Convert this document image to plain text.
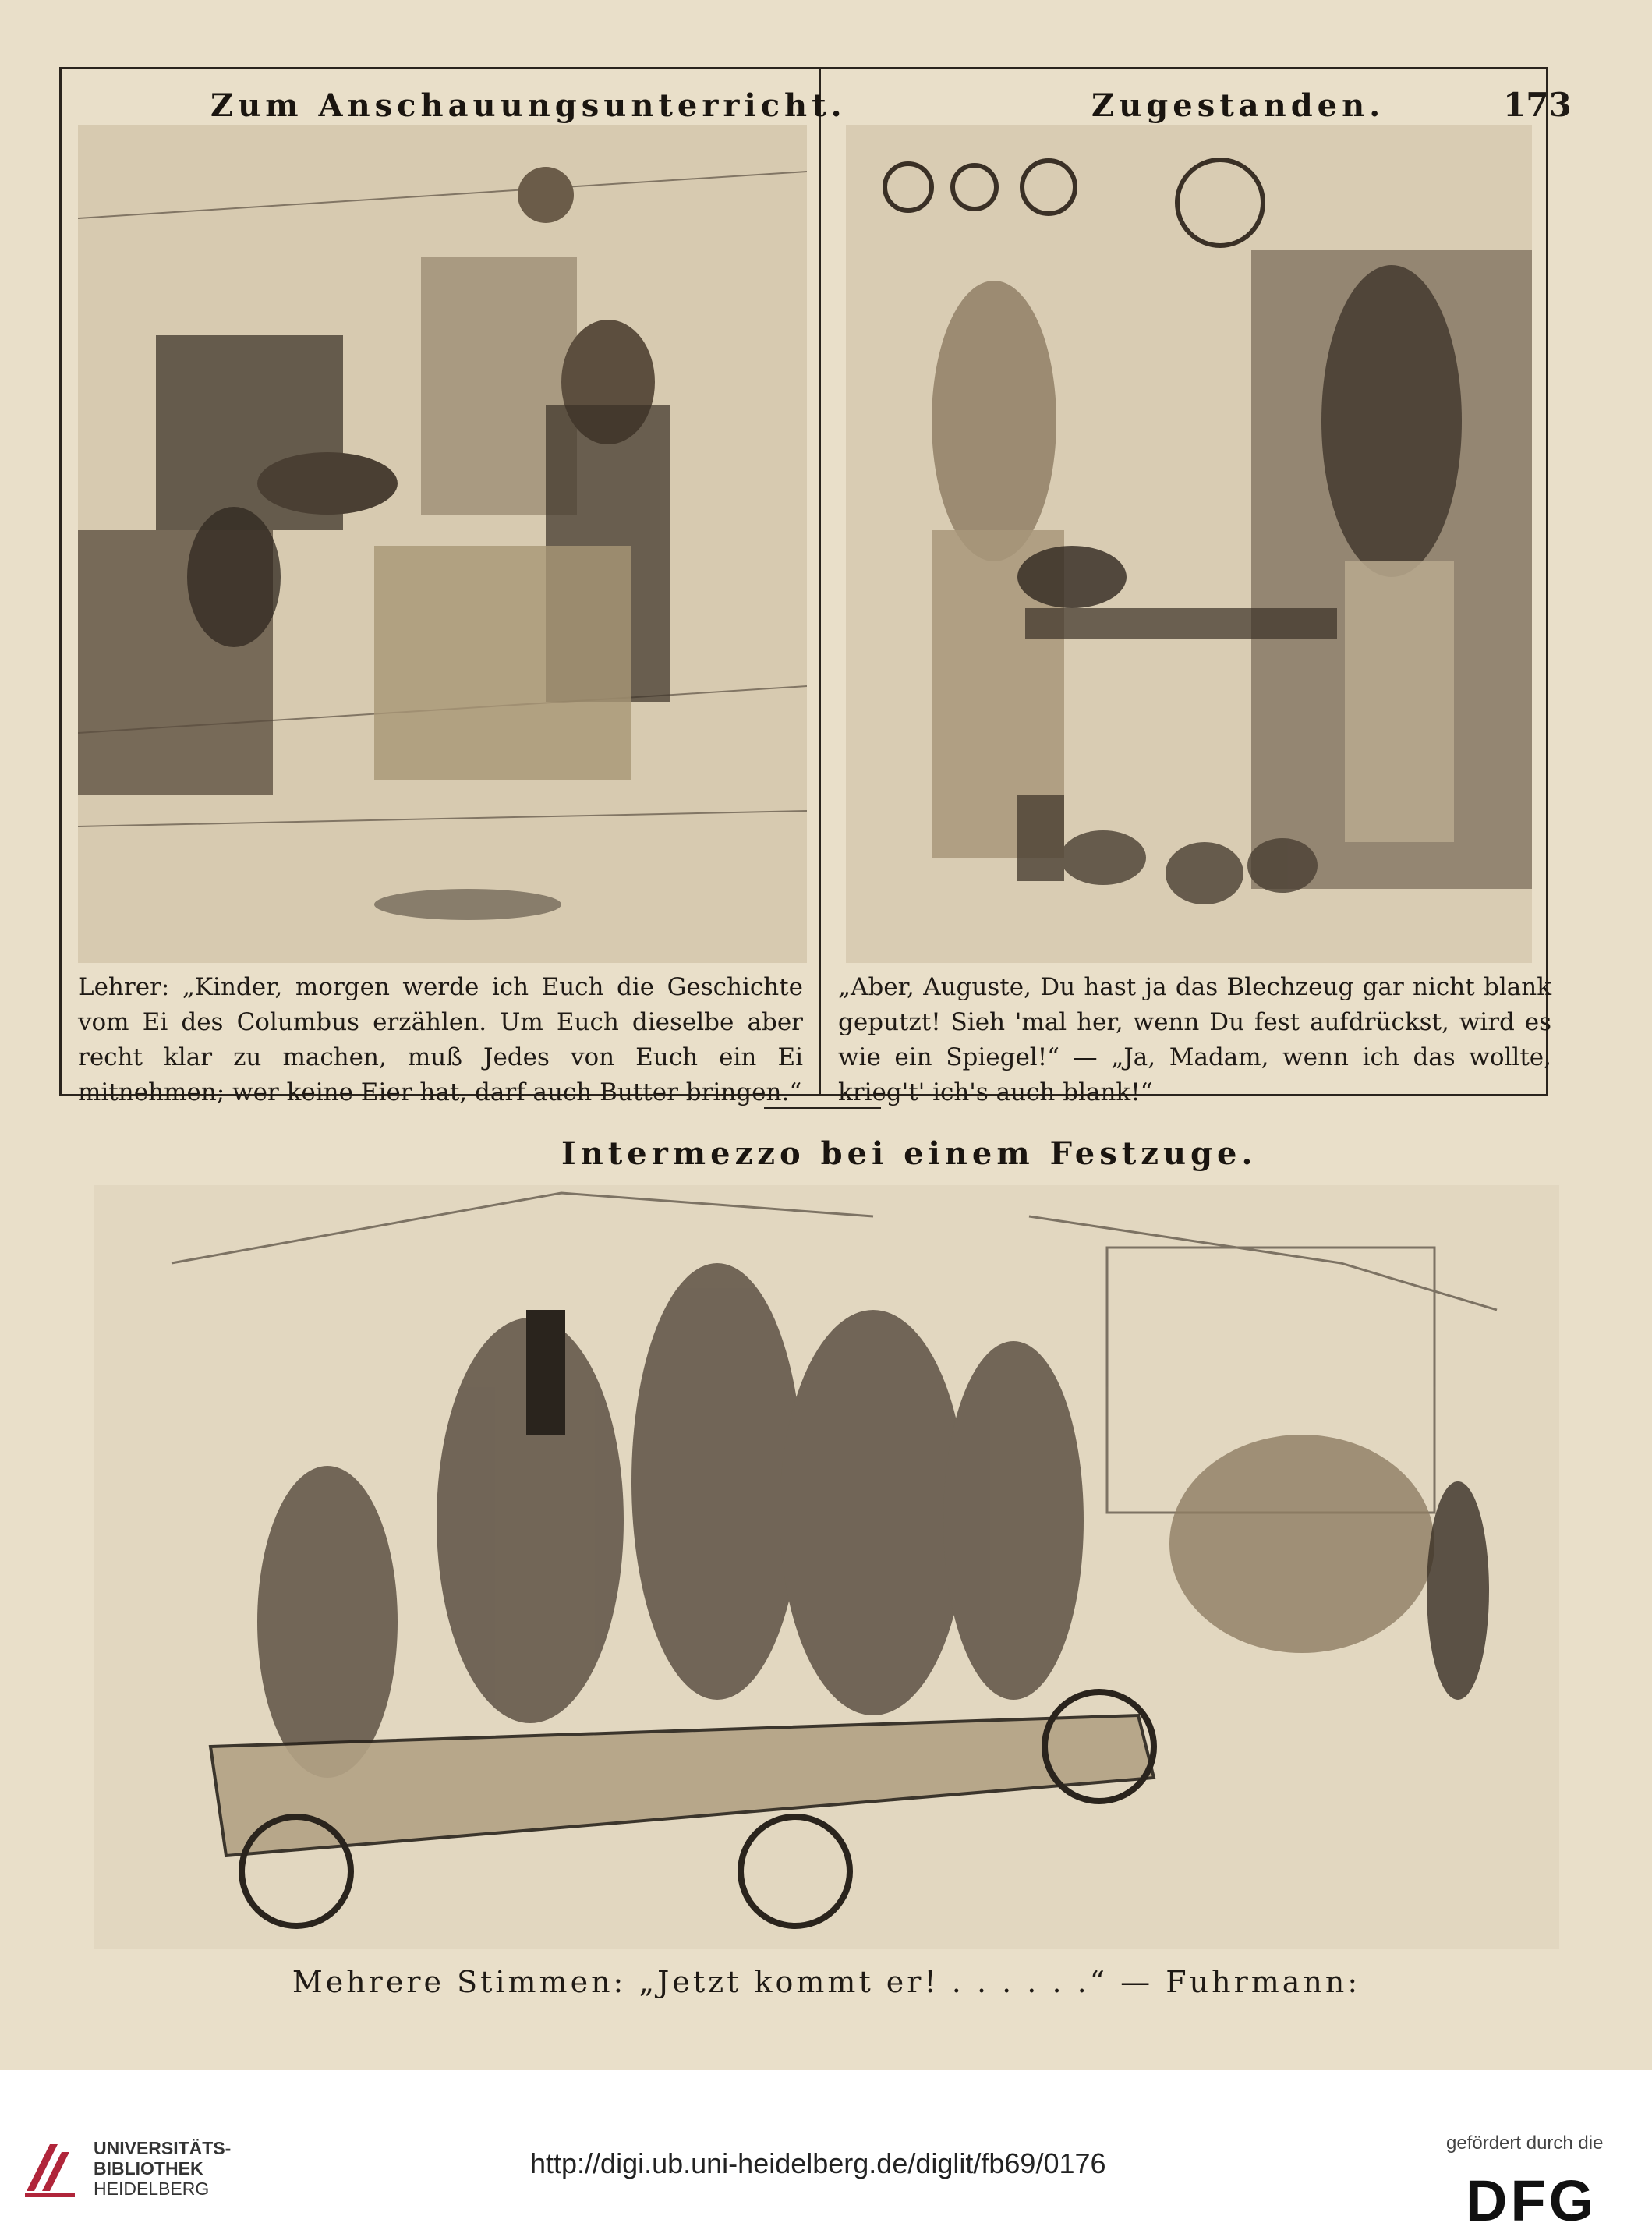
Zum Anschauungsunterricht.
Lehrer: „Kinder, morgen werde ich Euch die Geschichte vom Ei des Columbus erzählen. Um Euch dieselbe aber recht klar zu machen, muß Jedes von Euch ein Ei mitnehmen; wer keine Eier hat, darf auch Butter bringen.“
Zugestanden.	173
„Aber, Auguste, Du hast ja das Blechzeug gar nicht blank geputzt! Sieh 'mal her, wenn Du fest aufdrückst, wird es wie ein Spiegel!“ — „Ja, Madam, wenn ich das wollte, krieg't' ich's auch blank!“
Intermezzo bei einem Festzuge.
Mehrere Stimmen: „Jetzt kommt er! . . . . . .“ — Fuhrmann:
UNIVERSITÄTS-
BIBLIOTHEK
HEIDELBERG
http://digi.ub.uni-heidelberg.de/diglit/fb69/0176
gefördert durch die
DFG
